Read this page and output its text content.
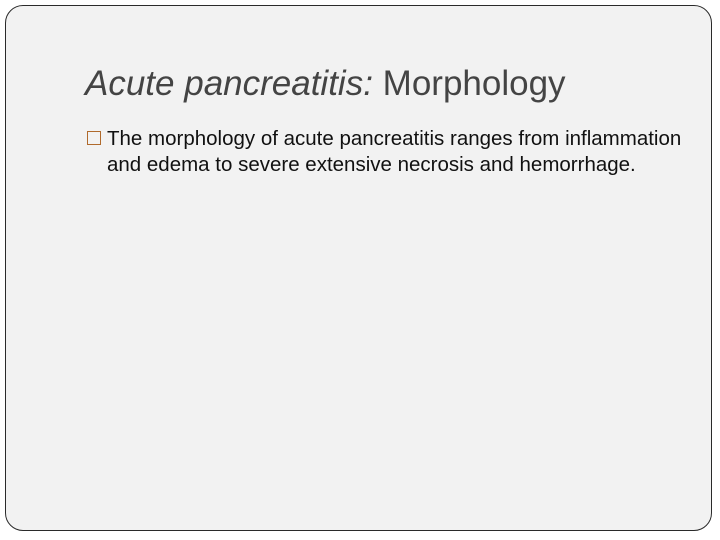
Acute pancreatitis: Morphology

The morphology of acute pancreatitis ranges from inflammation and edema to severe extensive necrosis and hemorrhage.
